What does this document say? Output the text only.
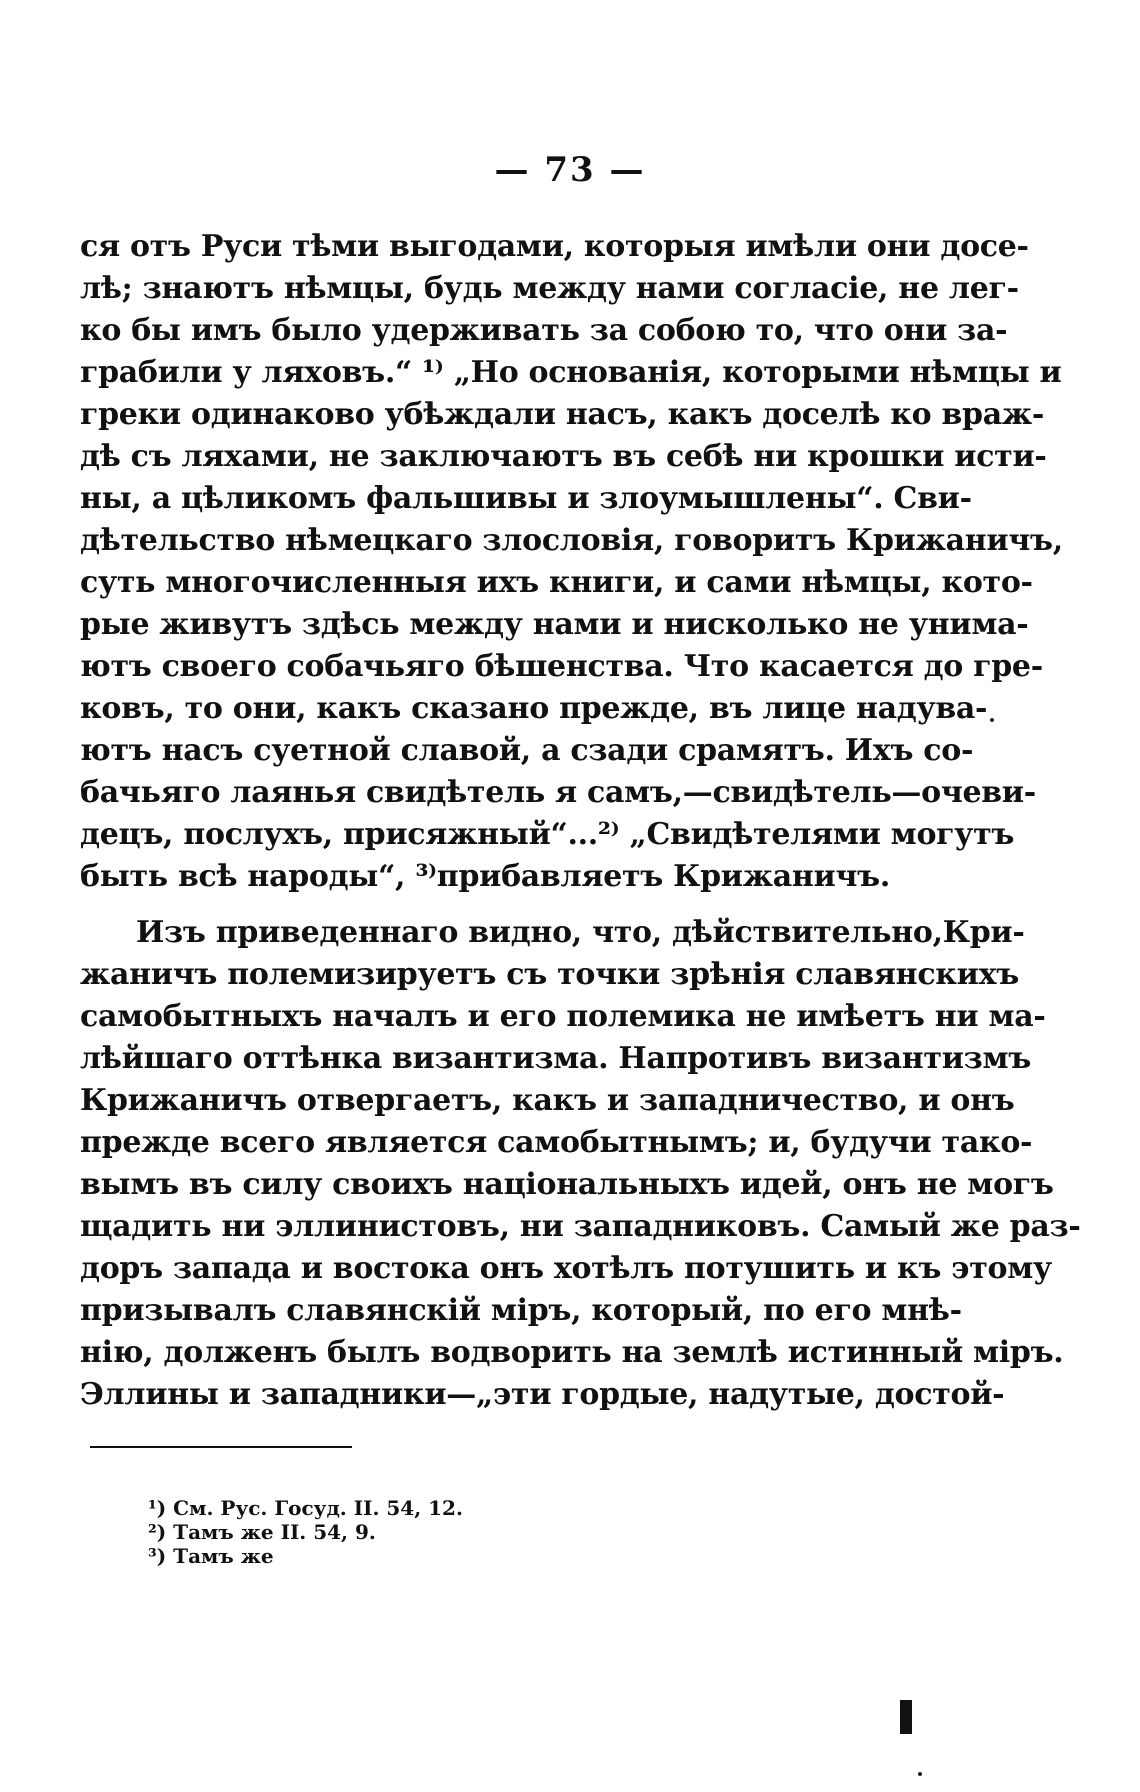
— 73 —
ся отъ Руси тѣми выгодами, которыя имѣли они досе-
лѣ; знаютъ нѣмцы, будь между нами согласіе, не лег-
ко бы имъ было удерживать за собою то, что они за-
грабили у ляховъ.“ ¹⁾ „Но основанія, которыми нѣмцы и
греки одинаково убѣждали насъ, какъ доселѣ ко враж-
дѣ съ ляхами, не заключаютъ въ себѣ ни крошки исти-
ны, а цѣликомъ фальшивы и злоумышлены“. Сви-
дѣтельство нѣмецкаго злословія, говоритъ Крижаничъ,
суть многочисленныя ихъ книги, и сами нѣмцы, кото-
рые живутъ здѣсь между нами и нисколько не унима-
ютъ своего собачьяго бѣшенства. Что касается до гре-
ковъ, то они, какъ сказано прежде, въ лице надува-
ютъ насъ суетной славой, а сзади срамятъ. Ихъ со-
бачьяго лаянья свидѣтель я самъ,—свидѣтель—очеви-
децъ, послухъ, присяжный“...²⁾ „Свидѣтелями могутъ
быть всѣ народы“, ³⁾прибавляетъ Крижаничъ.
Изъ приведеннаго видно, что, дѣйствительно,Кри-
жаничъ полемизируетъ съ точки зрѣнія славянскихъ
самобытныхъ началъ и его полемика не имѣетъ ни ма-
лѣйшаго оттѣнка византизма. Напротивъ византизмъ
Крижаничъ отвергаетъ, какъ и западничество, и онъ
прежде всего является самобытнымъ; и, будучи тако-
вымъ въ силу своихъ національныхъ идей, онъ не могъ
щадить ни эллинистовъ, ни западниковъ. Самый же раз-
доръ запада и востока онъ хотѣлъ потушить и къ этому
призывалъ славянскій міръ, который, по его мнѣ-
нію, долженъ былъ водворить на землѣ истинный міръ.
Эллины и западники—„эти гордые, надутые, достой-
¹) См. Рус. Госуд. II. 54, 12.
²) Тамъ же II. 54, 9.
³) Тамъ же
